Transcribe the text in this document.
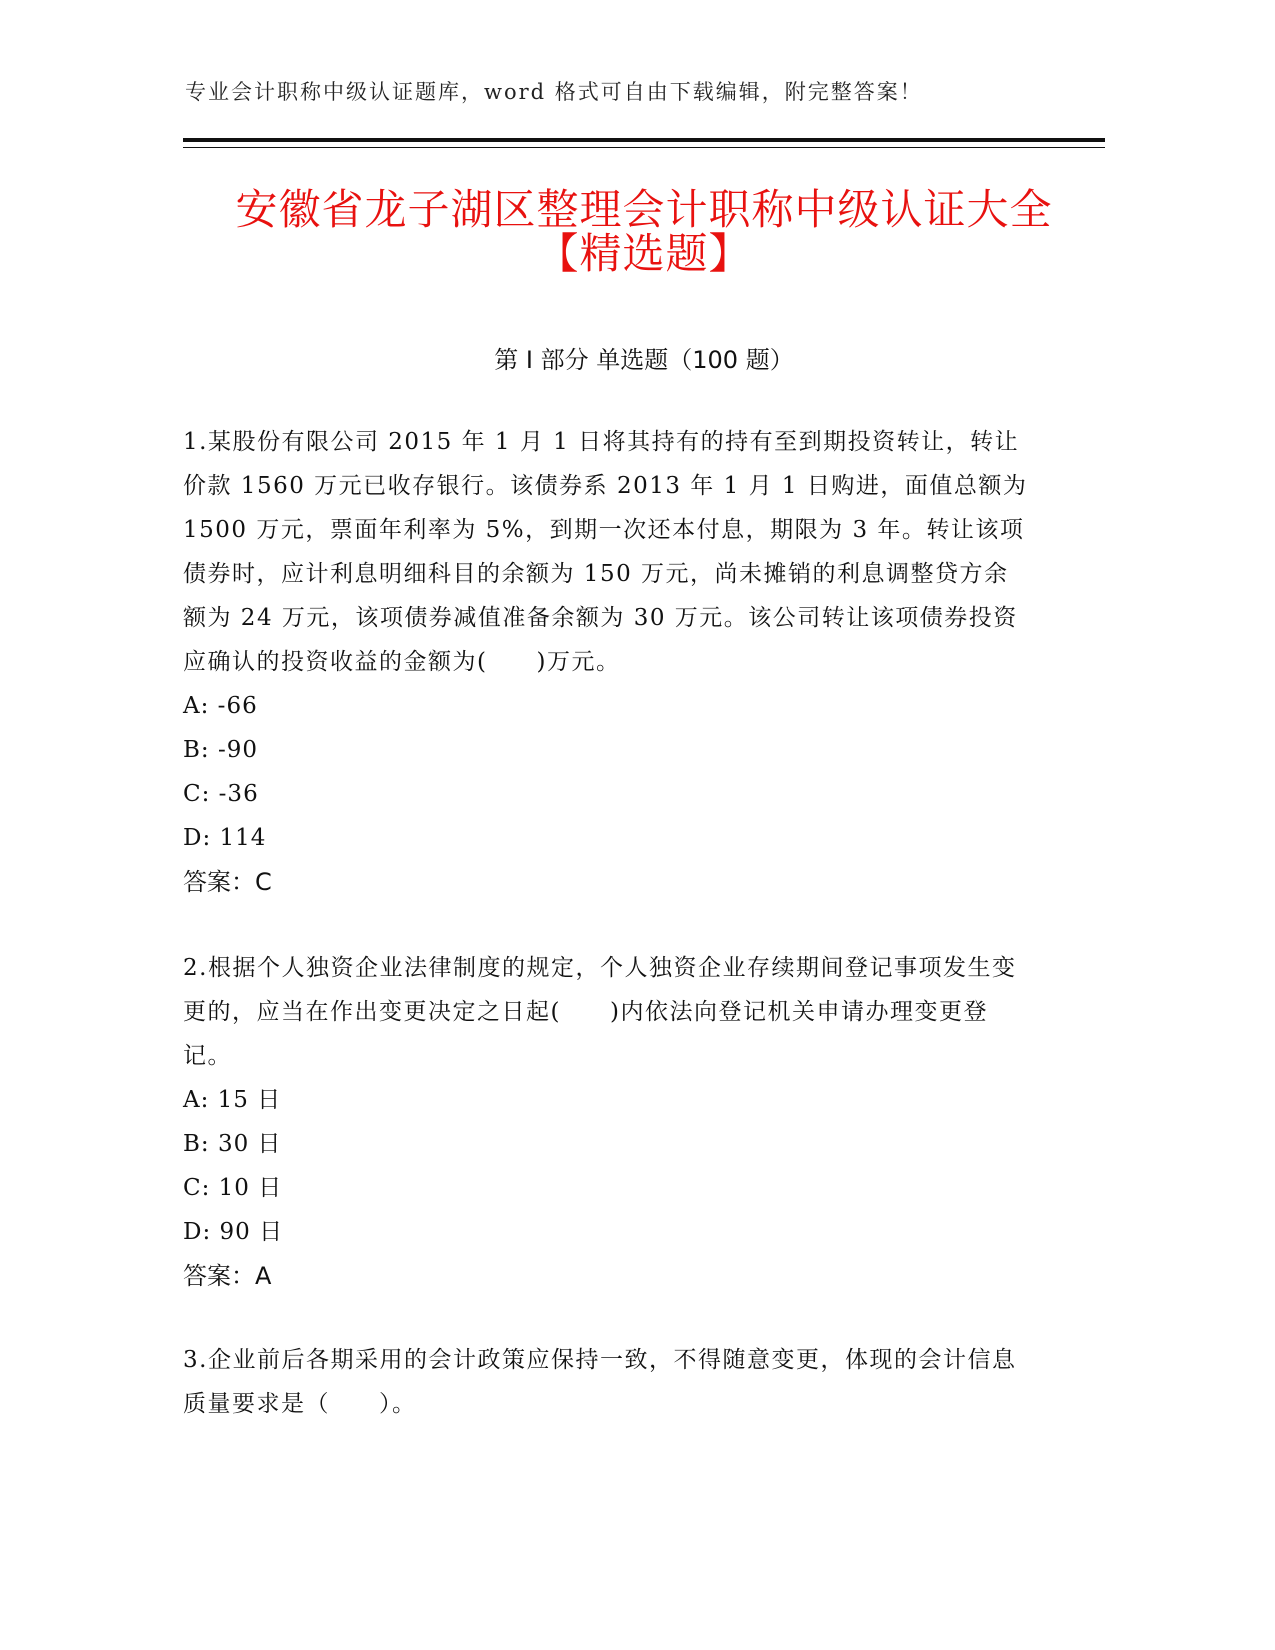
专业会计职称中级认证题库，word 格式可自由下载编辑，附完整答案！
安徽省龙子湖区整理会计职称中级认证大全
【精选题】
第 I 部分 单选题（100 题）

1.某股份有限公司 2015 年 1 月 1 日将其持有的持有至到期投资转让，转让价款 1560 万元已收存银行。该债券系 2013 年 1 月 1 日购进，面值总额为 1500 万元，票面年利率为 5%，到期一次还本付息，期限为 3 年。转让该项债券时，应计利息明细科目的余额为 150 万元，尚未摊销的利息调整贷方余额为 24 万元，该项债券减值准备余额为 30 万元。该公司转让该项债券投资应确认的投资收益的金额为(　　)万元。

A: -66

B: -90

C: -36

D: 114

答案：C

2.根据个人独资企业法律制度的规定，个人独资企业存续期间登记事项发生变更的，应当在作出变更决定之日起(　　)内依法向登记机关申请办理变更登记。

A: 15 日

B: 30 日

C: 10 日

D: 90 日

答案：A

3.企业前后各期采用的会计政策应保持一致，不得随意变更，体现的会计信息质量要求是（　　）。
